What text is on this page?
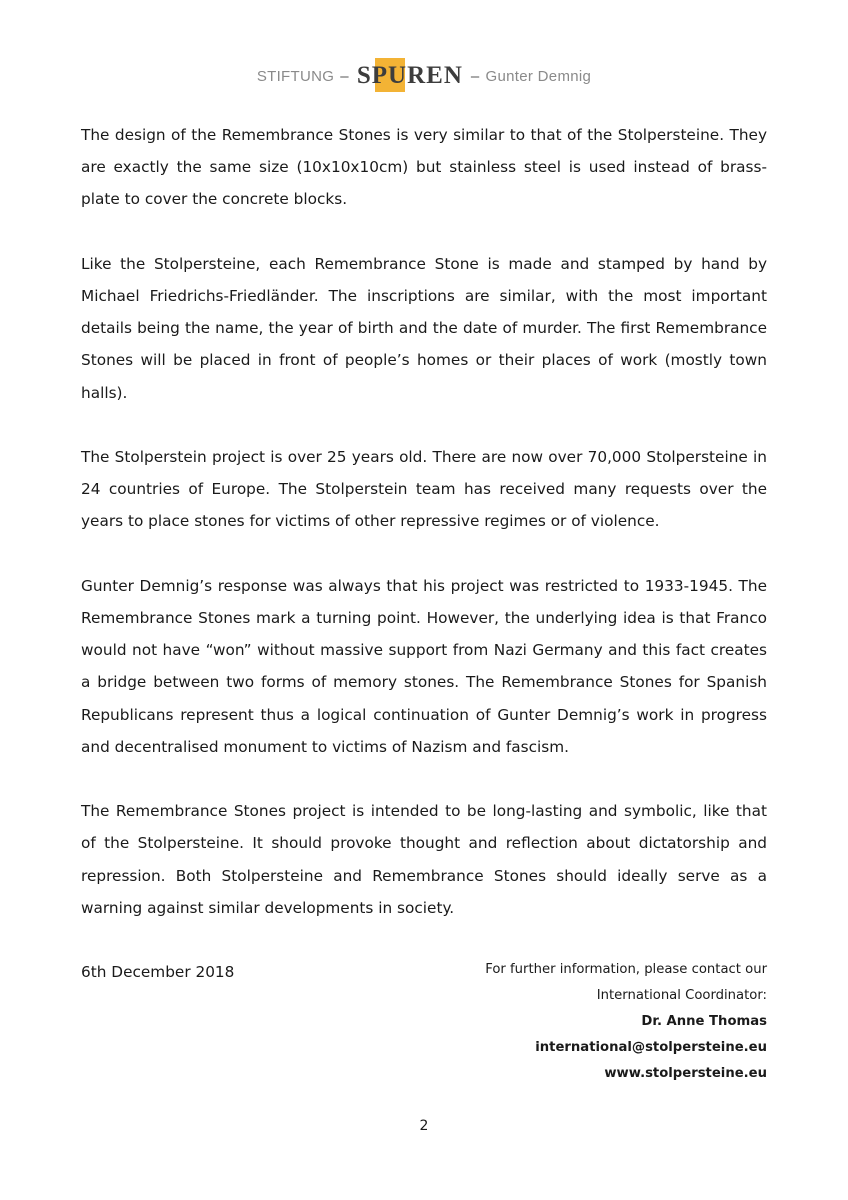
STIFTUNG – SPUREN – Gunter Demnig

The design of the Remembrance Stones is very similar to that of the Stolpersteine. They are exactly the same size (10x10x10cm) but stainless steel is used instead of brass-plate to cover the concrete blocks.

Like the Stolpersteine, each Remembrance Stone is made and stamped by hand by Michael Friedrichs-Friedländer. The inscriptions are similar, with the most important details being the name, the year of birth and the date of murder. The first Remembrance Stones will be placed in front of people’s homes or their places of work (mostly town halls).

The Stolperstein project is over 25 years old. There are now over 70,000 Stolpersteine in 24 countries of Europe. The Stolperstein team has received many requests over the years to place stones for victims of other repressive regimes or of violence.

Gunter Demnig’s response was always that his project was restricted to 1933-1945. The Remembrance Stones mark a turning point. However, the underlying idea is that Franco would not have “won” without massive support from Nazi Germany and this fact creates a bridge between two forms of memory stones. The Remembrance Stones for Spanish Republicans represent thus a logical continuation of Gunter Demnig’s work in progress and decentralised monument to victims of Nazism and fascism.

The Remembrance Stones project is intended to be long-lasting and symbolic, like that of the Stolpersteine. It should provoke thought and reflection about dictatorship and repression. Both Stolpersteine and Remembrance Stones should ideally serve as a warning against similar developments in society.

6th December 2018	For further information, please contact our
International Coordinator:
Dr. Anne Thomas
international@stolpersteine.eu
www.stolpersteine.eu
2
